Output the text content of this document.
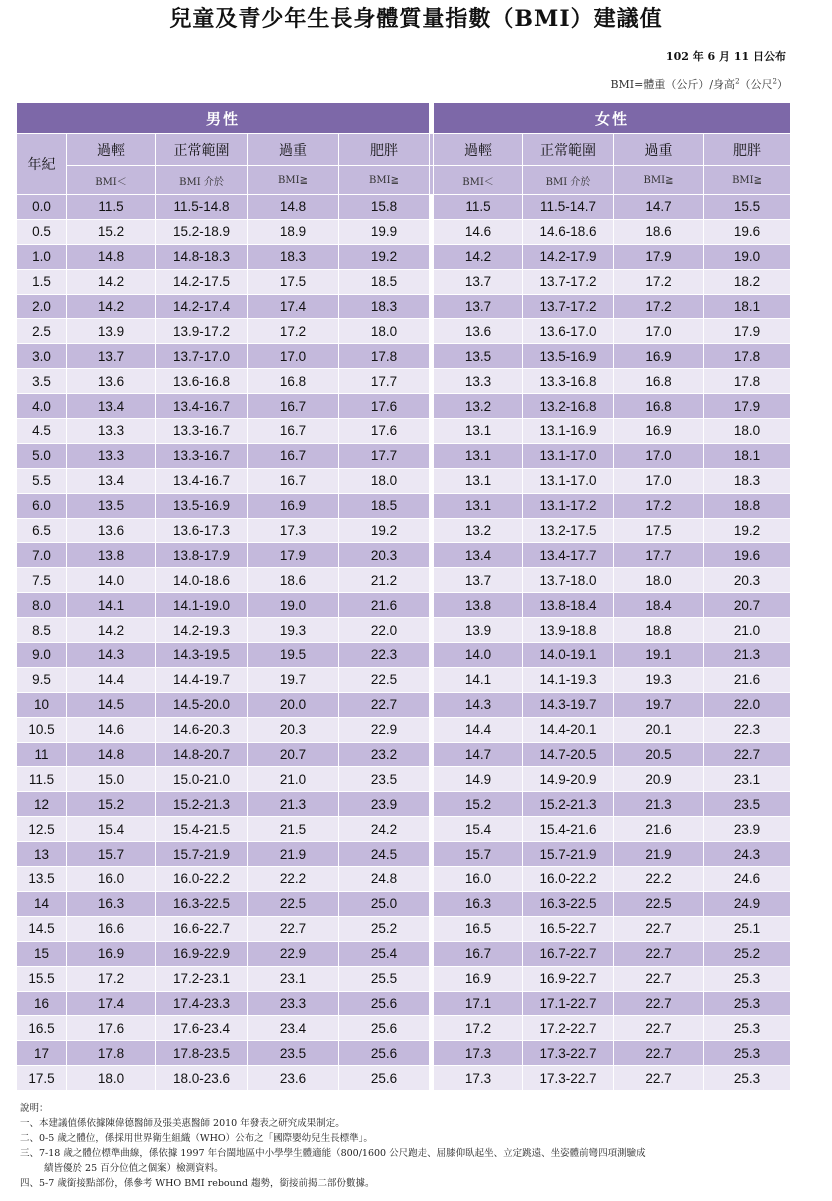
兒童及青少年生長身體質量指數（BMI）建議值
102 年 6 月 11 日公布
BMI=體重（公斤）/身高$^2$（公尺$^2$）
男性						女性			
年紀	過輕	正常範圍	過重	肥胖		過輕	正常範圍	過重	肥胖
	BMI＜	BMI 介於	BMI≧	BMI≧		BMI＜	BMI 介於	BMI≧	BMI≧
0.0	11.5	11.5-14.8	14.8	15.8		11.5	11.5-14.7	14.7	15.5
0.5	15.2	15.2-18.9	18.9	19.9		14.6	14.6-18.6	18.6	19.6
1.0	14.8	14.8-18.3	18.3	19.2		14.2	14.2-17.9	17.9	19.0
1.5	14.2	14.2-17.5	17.5	18.5		13.7	13.7-17.2	17.2	18.2
2.0	14.2	14.2-17.4	17.4	18.3		13.7	13.7-17.2	17.2	18.1
2.5	13.9	13.9-17.2	17.2	18.0		13.6	13.6-17.0	17.0	17.9
3.0	13.7	13.7-17.0	17.0	17.8		13.5	13.5-16.9	16.9	17.8
3.5	13.6	13.6-16.8	16.8	17.7		13.3	13.3-16.8	16.8	17.8
4.0	13.4	13.4-16.7	16.7	17.6		13.2	13.2-16.8	16.8	17.9
4.5	13.3	13.3-16.7	16.7	17.6		13.1	13.1-16.9	16.9	18.0
5.0	13.3	13.3-16.7	16.7	17.7		13.1	13.1-17.0	17.0	18.1
5.5	13.4	13.4-16.7	16.7	18.0		13.1	13.1-17.0	17.0	18.3
6.0	13.5	13.5-16.9	16.9	18.5		13.1	13.1-17.2	17.2	18.8
6.5	13.6	13.6-17.3	17.3	19.2		13.2	13.2-17.5	17.5	19.2
7.0	13.8	13.8-17.9	17.9	20.3		13.4	13.4-17.7	17.7	19.6
7.5	14.0	14.0-18.6	18.6	21.2		13.7	13.7-18.0	18.0	20.3
8.0	14.1	14.1-19.0	19.0	21.6		13.8	13.8-18.4	18.4	20.7
8.5	14.2	14.2-19.3	19.3	22.0		13.9	13.9-18.8	18.8	21.0
9.0	14.3	14.3-19.5	19.5	22.3		14.0	14.0-19.1	19.1	21.3
9.5	14.4	14.4-19.7	19.7	22.5		14.1	14.1-19.3	19.3	21.6
10	14.5	14.5-20.0	20.0	22.7		14.3	14.3-19.7	19.7	22.0
10.5	14.6	14.6-20.3	20.3	22.9		14.4	14.4-20.1	20.1	22.3
11	14.8	14.8-20.7	20.7	23.2		14.7	14.7-20.5	20.5	22.7
11.5	15.0	15.0-21.0	21.0	23.5		14.9	14.9-20.9	20.9	23.1
12	15.2	15.2-21.3	21.3	23.9		15.2	15.2-21.3	21.3	23.5
12.5	15.4	15.4-21.5	21.5	24.2		15.4	15.4-21.6	21.6	23.9
13	15.7	15.7-21.9	21.9	24.5		15.7	15.7-21.9	21.9	24.3
13.5	16.0	16.0-22.2	22.2	24.8		16.0	16.0-22.2	22.2	24.6
14	16.3	16.3-22.5	22.5	25.0		16.3	16.3-22.5	22.5	24.9
14.5	16.6	16.6-22.7	22.7	25.2		16.5	16.5-22.7	22.7	25.1
15	16.9	16.9-22.9	22.9	25.4		16.7	16.7-22.7	22.7	25.2
15.5	17.2	17.2-23.1	23.1	25.5		16.9	16.9-22.7	22.7	25.3
16	17.4	17.4-23.3	23.3	25.6		17.1	17.1-22.7	22.7	25.3
16.5	17.6	17.6-23.4	23.4	25.6		17.2	17.2-22.7	22.7	25.3
17	17.8	17.8-23.5	23.5	25.6		17.3	17.3-22.7	22.7	25.3
17.5	18.0	18.0-23.6	23.6	25.6		17.3	17.3-22.7	22.7	25.3
說明：
一、本建議值係依據陳偉德醫師及張美惠醫師 2010 年發表之研究成果制定。
二、0-5 歲之體位，係採用世界衛生組織（WHO）公布之「國際嬰幼兒生長標準」。
三、7-18 歲之體位標準曲線，係依據 1997 年台閩地區中小學學生體適能（800/1600 公尺跑走、屈膝仰臥起坐、立定跳遠、坐姿體前彎四項測驗成
績皆優於 25 百分位值之個案）檢測資料。
四、5-7 歲銜接點部份，係參考 WHO BMI rebound 趨勢，銜接前揭二部份數據。
